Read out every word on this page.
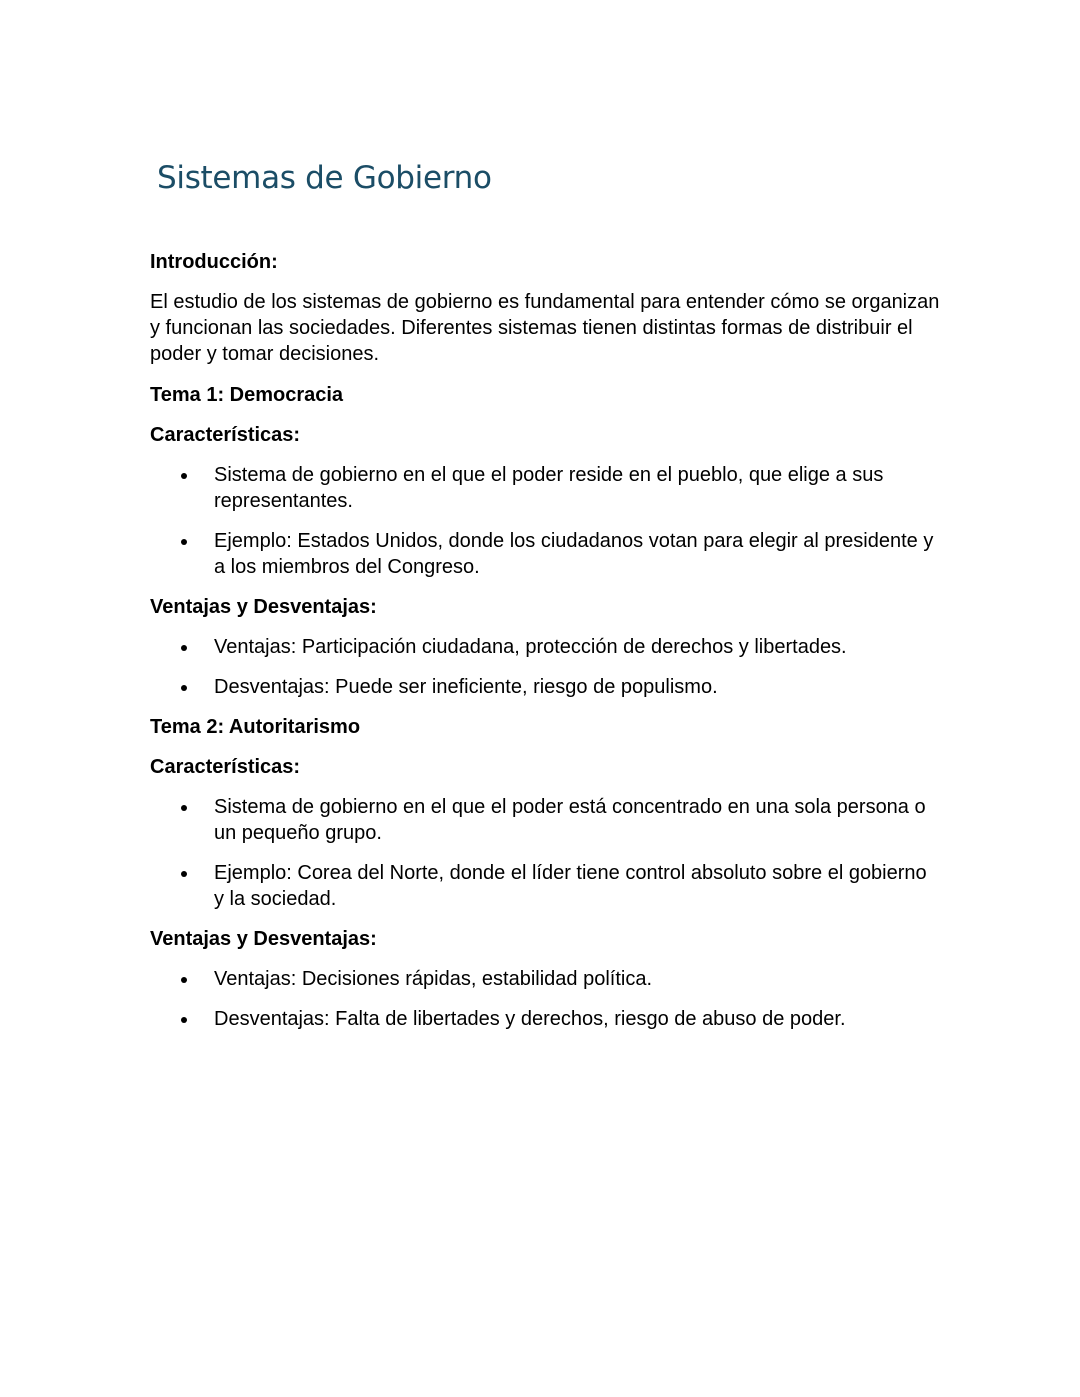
Sistemas de Gobierno

Introducción:

El estudio de los sistemas de gobierno es fundamental para entender cómo se organizan y funcionan las sociedades. Diferentes sistemas tienen distintas formas de distribuir el poder y tomar decisiones.

Tema 1: Democracia

Características:

Sistema de gobierno en el que el poder reside en el pueblo, que elige a sus representantes.
Ejemplo: Estados Unidos, donde los ciudadanos votan para elegir al presidente y a los miembros del Congreso.

Ventajas y Desventajas:

Ventajas: Participación ciudadana, protección de derechos y libertades.
Desventajas: Puede ser ineficiente, riesgo de populismo.

Tema 2: Autoritarismo

Características:

Sistema de gobierno en el que el poder está concentrado en una sola persona o un pequeño grupo.
Ejemplo: Corea del Norte, donde el líder tiene control absoluto sobre el gobierno y la sociedad.

Ventajas y Desventajas:

Ventajas: Decisiones rápidas, estabilidad política.
Desventajas: Falta de libertades y derechos, riesgo de abuso de poder.
